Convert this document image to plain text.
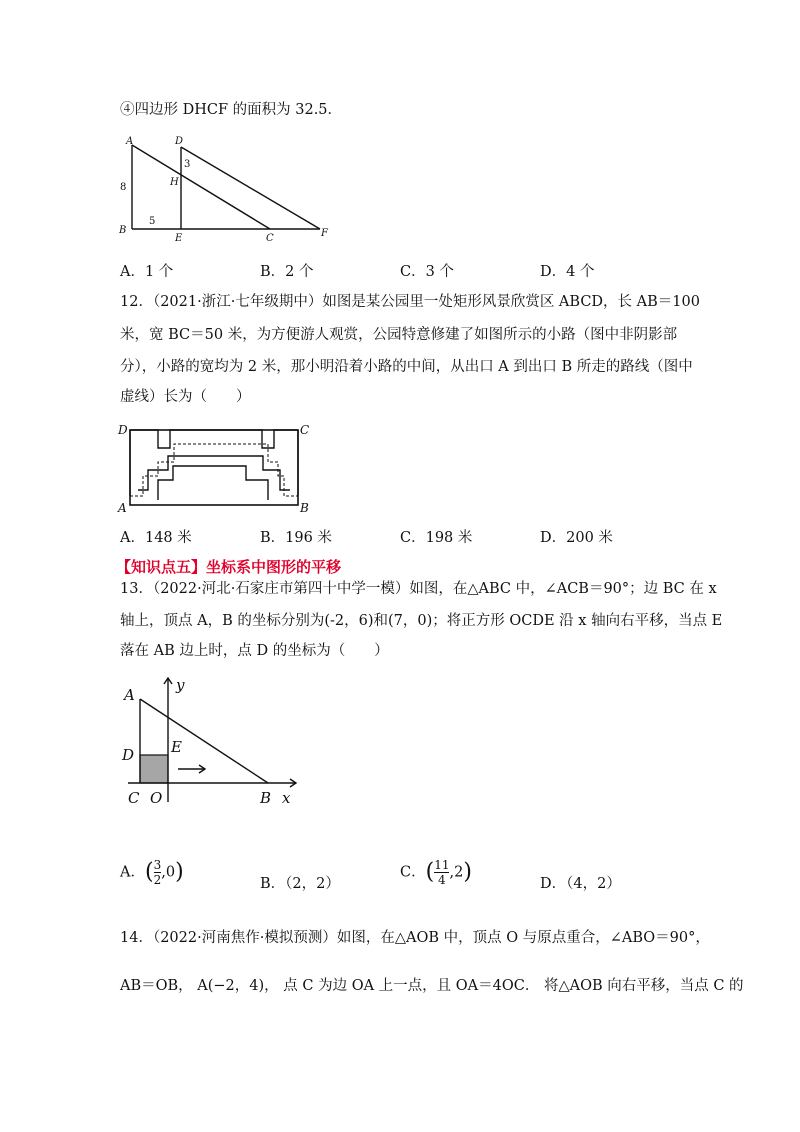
④四边形 DHCF 的面积为 32.5．
A
B
C
D
E	F
H
8
5
3
A．1 个	B．2 个	C．3 个	D．4 个
12．（2021·浙江·七年级期中）如图是某公园里一处矩形风景欣赏区 ABCD，长 AB＝100
米，宽 BC＝50 米，为方便游人观赏，公园特意修建了如图所示的小路（图中非阴影部
分），小路的宽均为 2 米，那小明沿着小路的中间，从出口 A 到出口 B 所走的路线（图中
虚线）长为（　　）
D	C
A	B
A．148 米	B．196 米	C．198 米	D．200 米
【知识点五】坐标系中图形的平移
13．（2022·河北·石家庄市第四十中学一模）如图，在△ABC 中，∠ACB＝90°；边 BC 在 x
轴上，顶点 A，B 的坐标分别为(-2，6)和(7，0)；将正方形 OCDE 沿 x 轴向右平移，当点 E
落在 AB 边上时，点 D 的坐标为（　　）
A
y
D E
C O	B x
A．( $\frac{3}{2} ,0$)	B．（2，2）
C．( $\frac{11}{4} ,2$)	D．（4，2）
14．（2022·河南焦作·模拟预测）如图，在△AOB 中，顶点 O 与原点重合，∠ABO＝90°，
AB＝OB， A(−2，4)， 点 C 为边 OA 上一点，且 OA＝4OC． 将△AOB 向右平移，当点 C 的
